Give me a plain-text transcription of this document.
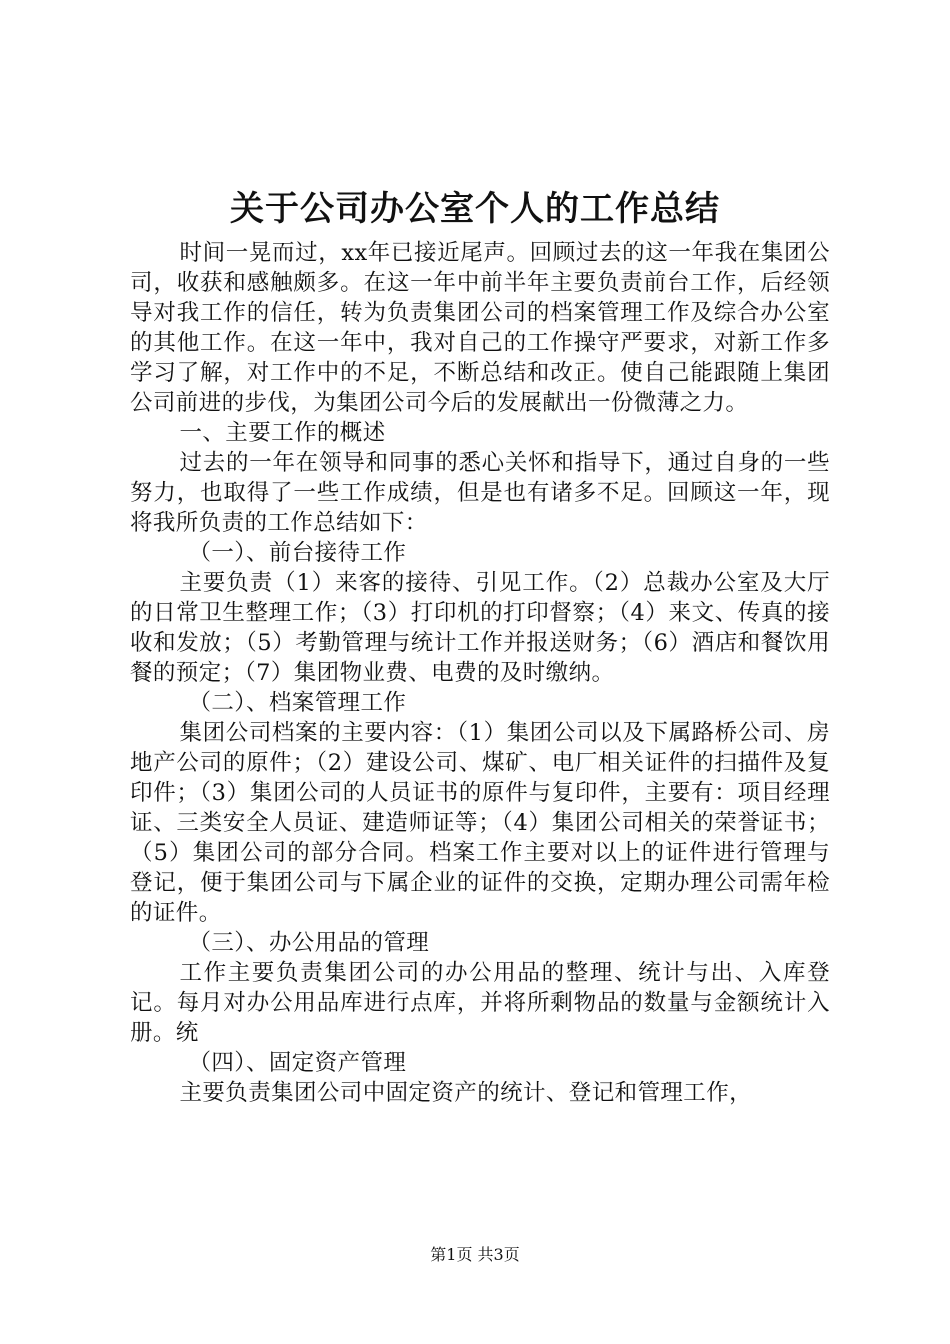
关于公司办公室个人的工作总结

时间一晃而过，xx年已接近尾声。回顾过去的这一年我在集团公司，收获和感触颇多。在这一年中前半年主要负责前台工作，后经领导对我工作的信任，转为负责集团公司的档案管理工作及综合办公室的其他工作。在这一年中，我对自己的工作操守严要求，对新工作多学习了解，对工作中的不足，不断总结和改正。使自己能跟随上集团公司前进的步伐，为集团公司今后的发展献出一份微薄之力。

一、主要工作的概述

过去的一年在领导和同事的悉心关怀和指导下，通过自身的一些努力，也取得了一些工作成绩，但是也有诸多不足。回顾这一年，现将我所负责的工作总结如下：

（一）、前台接待工作

主要负责（1）来客的接待、引见工作。（2）总裁办公室及大厅的日常卫生整理工作；（3）打印机的打印督察；（4）来文、传真的接收和发放；（5）考勤管理与统计工作并报送财务；（6）酒店和餐饮用餐的预定；（7）集团物业费、电费的及时缴纳。

（二）、档案管理工作

集团公司档案的主要内容：（1）集团公司以及下属路桥公司、房地产公司的原件；（2）建设公司、煤矿、电厂相关证件的扫描件及复印件；（3）集团公司的人员证书的原件与复印件，主要有：项目经理证、三类安全人员证、建造师证等；（4）集团公司相关的荣誉证书；（5）集团公司的部分合同。档案工作主要对以上的证件进行管理与登记，便于集团公司与下属企业的证件的交换，定期办理公司需年检的证件。

（三）、办公用品的管理

工作主要负责集团公司的办公用品的整理、统计与出、入库登记。每月对办公用品库进行点库，并将所剩物品的数量与金额统计入册。统

（四）、固定资产管理

主要负责集团公司中固定资产的统计、登记和管理工作，

第1页 共3页
